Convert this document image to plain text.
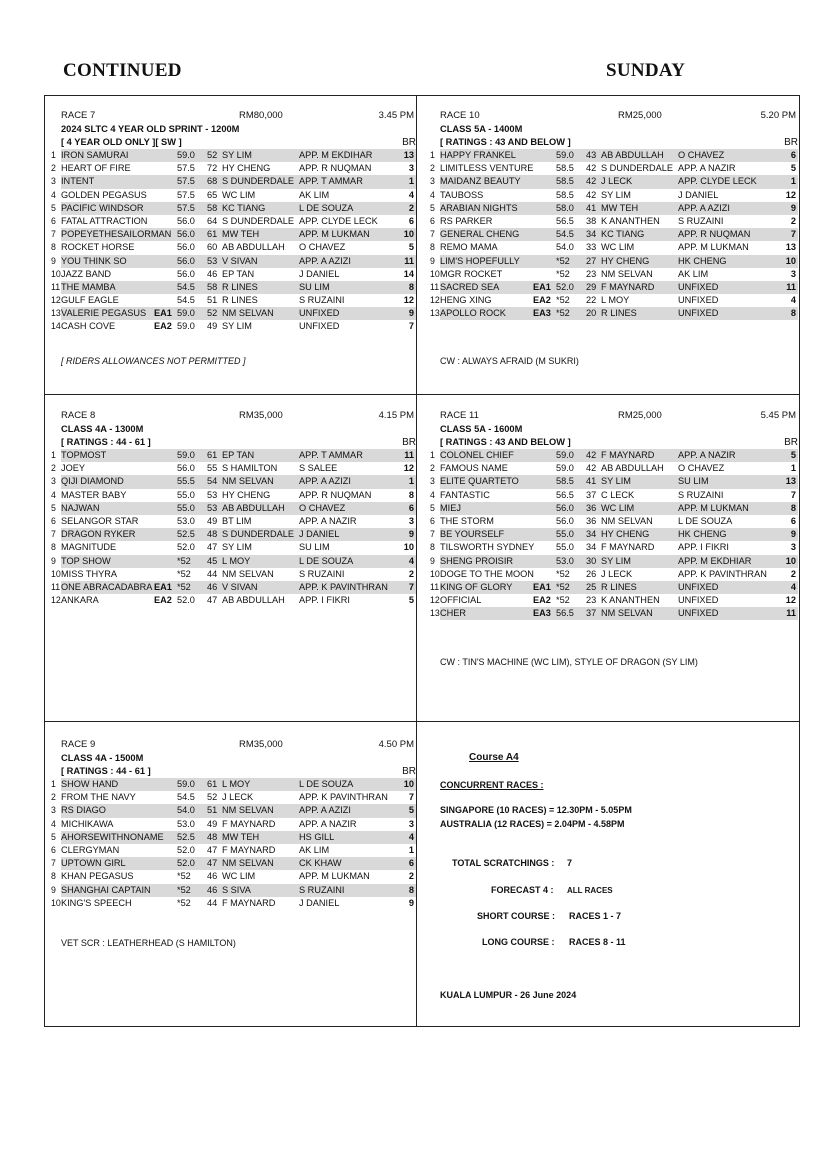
CONTINUED	SUNDAY
RACE 7	RM80,000	3.45 PM
2024 SLTC 4 YEAR OLD SPRINT - 1200M
[ 4 YEAR OLD ONLY ][ SW ]	BR
1 IRON SAMURAI	59.0 52 SY LIM	APP. M EKDIHAR	13
2 HEART OF FIRE	57.5 72 HY CHENG	APP. R NUQMAN	3
3 INTENT	57.5 68 S DUNDERDALE APP. T AMMAR	1
4 GOLDEN PEGASUS	57.5 65 WC LIM	AK LIM	4
5 PACIFIC WINDSOR	57.5 58 KC TIANG	L DE SOUZA	2
6 FATAL ATTRACTION	56.0 64 S DUNDERDALE APP. CLYDE LECK	6
7 POPEYETHESAILORMAN 56.0 61 MW TEH	APP. M LUKMAN	10
8 ROCKET HORSE	56.0 60 AB ABDULLAH O CHAVEZ	5
9 YOU THINK SO	56.0 53 V SIVAN	APP. A AZIZI	11
10 JAZZ BAND	56.0 46 EP TAN	J DANIEL	14
11 THE MAMBA	54.5 58 R LINES	SU LIM	8
12 GULF EAGLE	54.5 51 R LINES	S RUZAINI	12
13 VALERIE PEGASUS EA1 59.0 52 NM SELVAN	UNFIXED	9
14 CASH COVE	EA2 59.0 49 SY LIM	UNFIXED	7
RACE 10	RM25,000	5.20 PM
CLASS 5A - 1400M
[ RATINGS : 43 AND BELOW ]	BR
1 HAPPY FRANKEL	59.0 43 AB ABDULLAH O CHAVEZ	6
2 LIMITLESS VENTURE 58.5 42 S DUNDERDALE APP. A NAZIR	5
3 MAIDANZ BEAUTY	58.5 42 J LECK	APP. CLYDE LECK	1
4 TAUBOSS	58.5 42 SY LIM	J DANIEL	12
5 ARABIAN NIGHTS	58.0 41 MW TEH	APP. A AZIZI	9
6 RS PARKER	56.5 38 K ANANTHEN S RUZAINI	2
7 GENERAL CHENG	54.5 34 KC TIANG	APP. R NUQMAN	7
8 REMO MAMA	54.0 33 WC LIM	APP. M LUKMAN	13
9 LIM'S HOPEFULLY	*52 27 HY CHENG	HK CHENG	10
10 MGR ROCKET	*52 23 NM SELVAN	AK LIM	3
11 SACRED SEA	EA1 52.0 29 F MAYNARD	UNFIXED	11
12 HENG XING	EA2 *52 22 L MOY	UNFIXED	4
13 APOLLO ROCK	EA3 *52 20 R LINES	UNFIXED	8
RACE 8	RM35,000	4.15 PM
CLASS 4A - 1300M
[ RATINGS : 44 - 61 ]	BR
1 TOPMOST	59.0 61 EP TAN	APP. T AMMAR	11
2 JOEY	56.0 55 S HAMILTON S SALEE	12
3 QIJI DIAMOND	55.5 54 NM SELVAN	APP. A AZIZI	1
4 MASTER BABY	55.0 53 HY CHENG	APP. R NUQMAN	8
5 NAJWAN	55.0 53 AB ABDULLAH O CHAVEZ	6
6 SELANGOR STAR	53.0 49 BT LIM	APP. A NAZIR	3
7 DRAGON RYKER	52.5 48 S DUNDERDALE J DANIEL	9
8 MAGNITUDE	52.0 47 SY LIM	SU LIM	10
9 TOP SHOW	*52 45 L MOY	L DE SOUZA	4
10 MISS THYRA	*52 44 NM SELVAN	S RUZAINI	2
11 ONE ABRACADABRA EA1 *52 46 V SIVAN	APP. K PAVINTHRAN 7
12 ANKARA	EA2 52.0 47 AB ABDULLAH APP. I FIKRI	5
RACE 11	RM25,000	5.45 PM
CLASS 5A - 1600M
[ RATINGS : 43 AND BELOW ]	BR
1 COLONEL CHIEF	59.0 42 F MAYNARD	APP. A NAZIR	5
2 FAMOUS NAME	59.0 42 AB ABDULLAH O CHAVEZ	1
3 ELITE QUARTETO	58.5 41 SY LIM	SU LIM	13
4 FANTASTIC	56.5 37 C LECK	S RUZAINI	7
5 MIEJ	56.0 36 WC LIM	APP. M LUKMAN	8
6 THE STORM	56.0 36 NM SELVAN	L DE SOUZA	6
7 BE YOURSELF	55.0 34 HY CHENG	HK CHENG	9
8 TILSWORTH SYDNEY 55.0 34 F MAYNARD	APP. I FIKRI	3
9 SHENG PROISIR	53.0 30 SY LIM	APP. M EKDHIAR	10
10 DOGE TO THE MOON *52 26 J LECK	APP. K PAVINTHRAN	2
11 KING OF GLORY EA1 *52 25 R LINES	UNFIXED	4
12 OFFICIAL	EA2 *52 23 K ANANTHEN UNFIXED	12
13 CHER	EA3 56.5 37 NM SELVAN	UNFIXED	11
RACE 9	RM35,000	4.50 PM
CLASS 4A - 1500M
[ RATINGS : 44 - 61 ]	BR
1 SHOW HAND	59.0 61 L MOY	L DE SOUZA	10
2 FROM THE NAVY	54.5 52 J LECK	APP. K PAVINTHRAN 7
3 RS DIAGO	54.0 51 NM SELVAN	APP. A AZIZI	5
4 MICHIKAWA	53.0 49 F MAYNARD	APP. A NAZIR	3
5 AHORSEWITHNONAME 52.5 48 MW TEH	HS GILL	4
6 CLERGYMAN	52.0 47 F MAYNARD	AK LIM	1
7 UPTOWN GIRL	52.0 47 NM SELVAN	CK KHAW	6
8 KHAN PEGASUS	*52 46 WC LIM	APP. M LUKMAN	2
9 SHANGHAI CAPTAIN	*52 46 S SIVA	S RUZAINI	8
10 KING'S SPEECH	*52 44 F MAYNARD	J DANIEL	9
[ RIDERS ALLOWANCES NOT PERMITTED ]	CW : ALWAYS AFRAID (M SUKRI)
CW : TIN'S MACHINE (WC LIM), STYLE OF DRAGON (SY LIM)
VET SCR : LEATHERHEAD (S HAMILTON)
Course A4
CONCURRENT RACES :
SINGAPORE (10 RACES) = 12.30PM - 5.05PM
AUSTRALIA (12 RACES) = 2.04PM - 4.58PM
TOTAL SCRATCHINGS : 7
FORECAST 4 : ALL RACES
SHORT COURSE : RACES 1 - 7
LONG COURSE : RACES 8 - 11
KUALA LUMPUR - 26 June 2024
